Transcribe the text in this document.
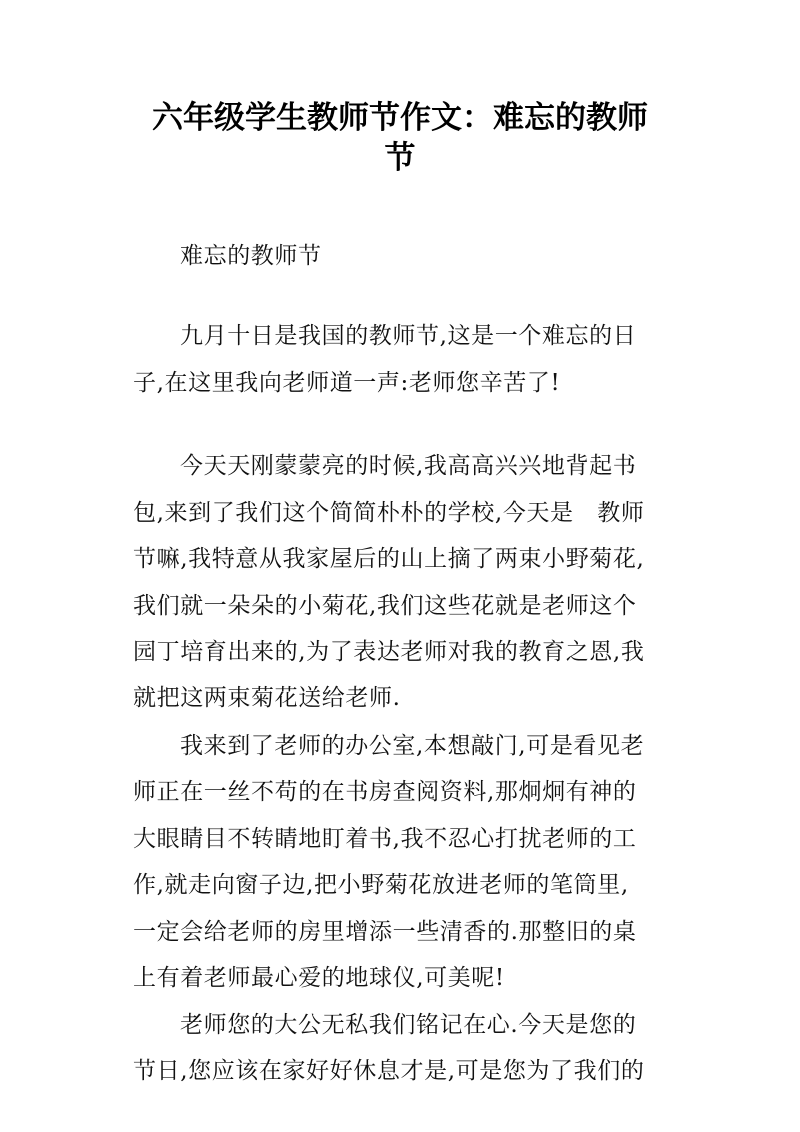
六年级学生教师节作文：难忘的教师
节
难忘的教师节
九月十日是我国的教师节,这是一个难忘的日
子,在这里我向老师道一声:老师您辛苦了!
今天天刚蒙蒙亮的时候,我高高兴兴地背起书
包,来到了我们这个简简朴朴的学校,今天是　教师
节嘛,我特意从我家屋后的山上摘了两束小野菊花,
我们就一朵朵的小菊花,我们这些花就是老师这个
园丁培育出来的,为了表达老师对我的教育之恩,我
就把这两束菊花送给老师.
我来到了老师的办公室,本想敲门,可是看见老
师正在一丝不苟的在书房查阅资料,那炯炯有神的
大眼睛目不转睛地盯着书,我不忍心打扰老师的工
作,就走向窗子边,把小野菊花放进老师的笔筒里,
一定会给老师的房里增添一些清香的.那整旧的桌
上有着老师最心爱的地球仪,可美呢!
老师您的大公无私我们铭记在心.今天是您的
节日,您应该在家好好休息才是,可是您为了我们的
